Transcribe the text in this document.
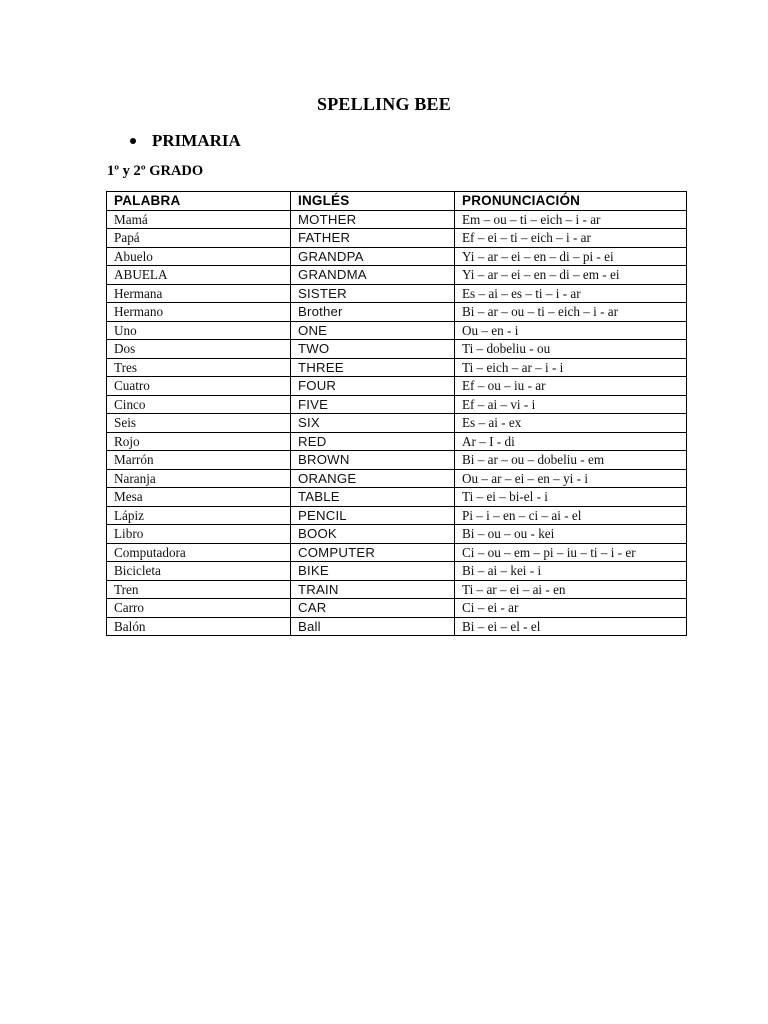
SPELLING BEE
PRIMARIA
1º y 2º GRADO
PALABRA	INGLÉS	PRONUNCIACIÓN
Mamá	MOTHER	Em – ou – ti – eich – i - ar
Papá	FATHER	Ef – ei – ti – eich – i - ar
Abuelo	GRANDPA	Yi – ar – ei – en – di – pi - ei
ABUELA	GRANDMA	Yi – ar – ei – en – di – em - ei
Hermana	SISTER	Es – ai – es – ti – i - ar
Hermano	Brother	Bi – ar – ou – ti – eich – i - ar
Uno	ONE	Ou – en - i
Dos	TWO	Ti – dobeliu - ou
Tres	THREE	Ti – eich – ar – i - i
Cuatro	FOUR	Ef – ou – iu - ar
Cinco	FIVE	Ef – ai – vi - i
Seis	SIX	Es – ai - ex
Rojo	RED	Ar – I - di
Marrón	BROWN	Bi – ar – ou – dobeliu - em
Naranja	ORANGE	Ou – ar – ei – en – yi - i
Mesa	TABLE	Ti – ei – bi-el - i
Lápiz	PENCIL	Pi – i – en – ci – ai - el
Libro	BOOK	Bi – ou – ou - kei
Computadora	COMPUTER	Ci – ou – em – pi – iu – ti – i - er
Bicicleta	BIKE	Bi – ai – kei - i
Tren	TRAIN	Ti – ar – ei – ai - en
Carro	CAR	Ci – ei - ar
Balón	Ball	Bi – ei – el - el
